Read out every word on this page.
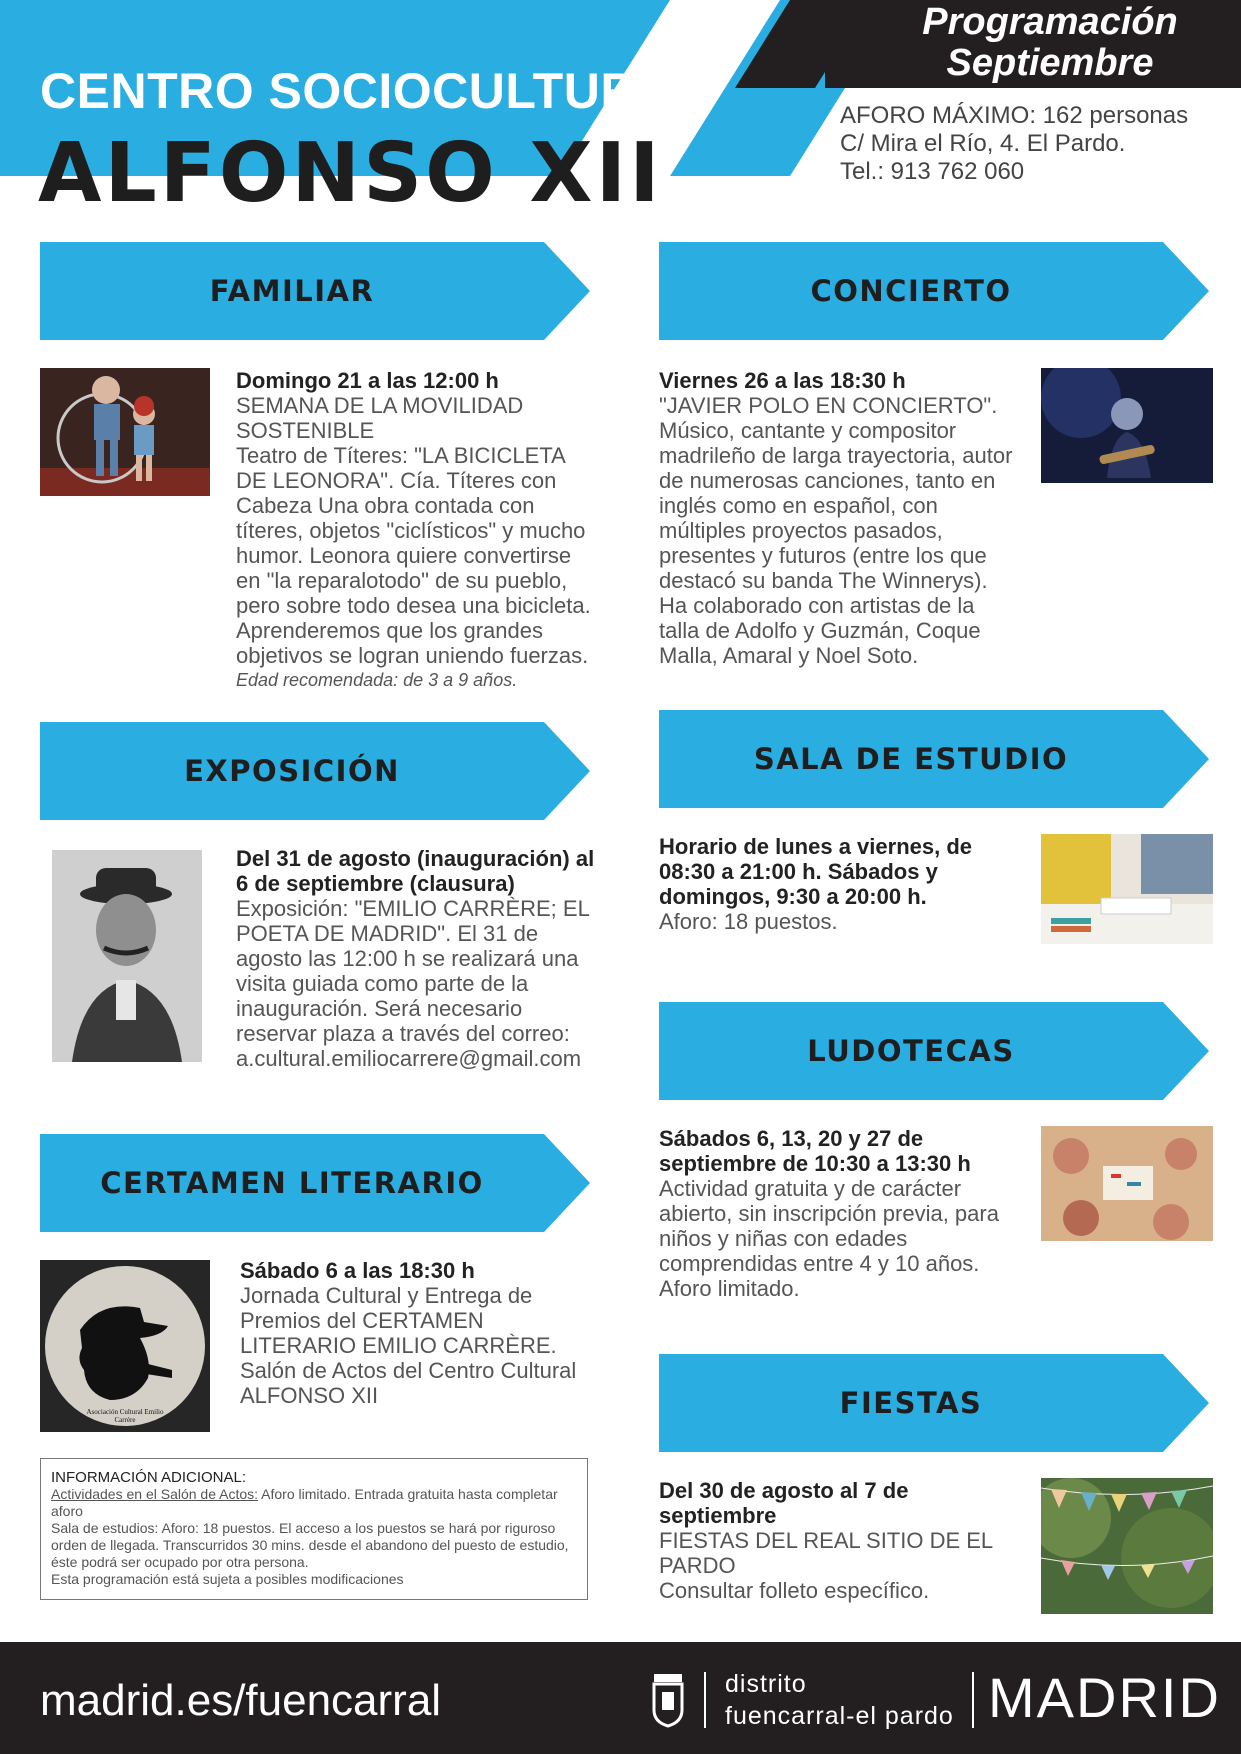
Programación
Septiembre
CENTRO SOCIOCULTURAL
ALFONSO XII
AFORO MÁXIMO: 162 personas
C/ Mira el Río, 4. El Pardo.
Tel.: 913 762 060
FAMILIAR
Domingo 21 a las 12:00 h
SEMANA DE LA MOVILIDAD
SOSTENIBLE
Teatro de Títeres: "LA BICICLETA DE LEONORA". Cía. Títeres con Cabeza Una obra contada con títeres, objetos "ciclísticos" y mucho humor. Leonora quiere convertirse en "la reparalotodo" de su pueblo, pero sobre todo desea una bicicleta. Aprenderemos que los grandes objetivos se logran uniendo fuerzas.
Edad recomendada: de 3 a 9 años.
CONCIERTO
Viernes 26 a las 18:30 h
"JAVIER POLO EN CONCIERTO". Músico, cantante y compositor madrileño de larga trayectoria, autor de numerosas canciones, tanto en inglés como en español, con múltiples proyectos pasados, presentes y futuros (entre los que destacó su banda The Winnerys). Ha colaborado con artistas de la talla de Adolfo y Guzmán, Coque Malla, Amaral y Noel Soto.
EXPOSICIÓN
Del 31 de agosto (inauguración) al 6 de septiembre (clausura)
Exposición: "EMILIO CARRÈRE; EL POETA DE MADRID". El 31 de agosto las 12:00 h se realizará una visita guiada como parte de la inauguración. Será necesario reservar plaza a través del correo:
a.cultural.emiliocarrere@gmail.com
SALA DE ESTUDIO
Horario de lunes a viernes, de 08:30 a 21:00 h. Sábados y domingos, 9:30 a 20:00 h.
Aforo: 18 puestos.
LUDOTECAS
Sábados 6, 13, 20 y 27 de septiembre de 10:30 a 13:30 h
Actividad gratuita y de carácter abierto, sin inscripción previa, para niños y niñas con edades comprendidas entre 4 y 10 años. Aforo limitado.
CERTAMEN LITERARIO
Asociación Cultural Emilio Carrère
Sábado 6 a las 18:30 h
Jornada Cultural y Entrega de Premios del CERTAMEN LITERARIO EMILIO CARRÈRE.
Salón de Actos del Centro Cultural ALFONSO XII	FIESTAS
Del 30 de agosto al 7 de septiembre
FIESTAS DEL REAL SITIO DE EL PARDO
Consultar folleto específico.
INFORMACIÓN ADICIONAL:
Actividades en el Salón de Actos: Aforo limitado. Entrada gratuita hasta completar aforo
Sala de estudios: Aforo: 18 puestos. El acceso a los puestos se hará por riguroso orden de llegada. Transcurridos 30 mins. desde el abandono del puesto de estudio, éste podrá ser ocupado por otra persona.
Esta programación está sujeta a posibles modificaciones
madrid.es/fuencarral	distrito
fuencarral-el pardo MADRID
